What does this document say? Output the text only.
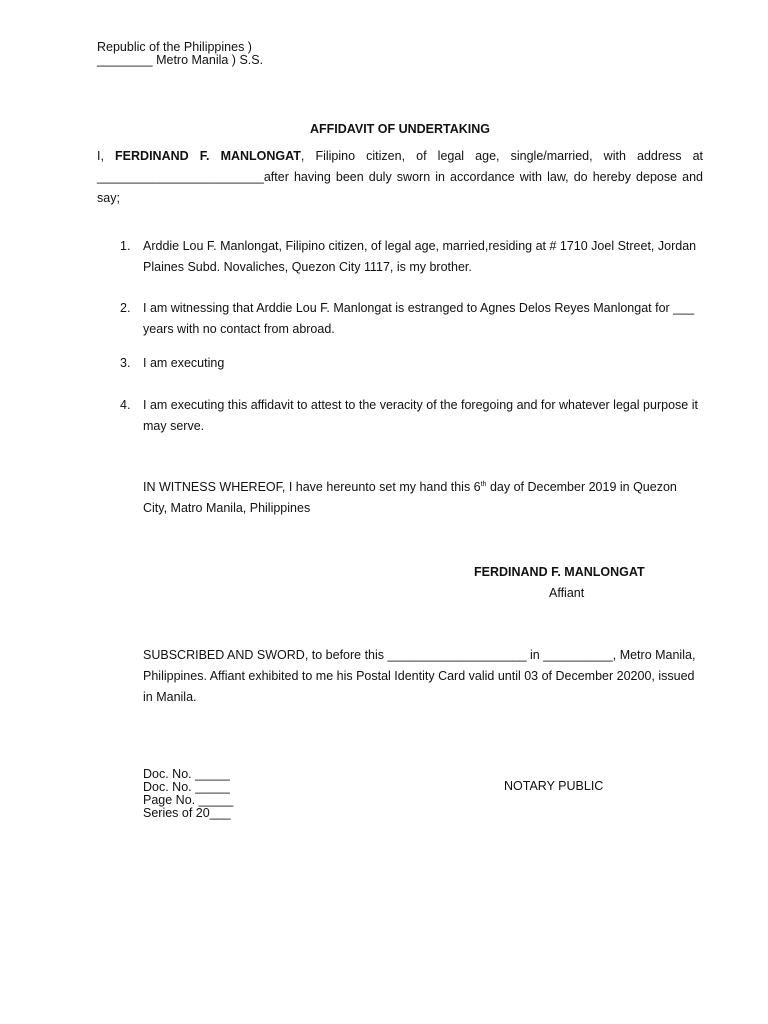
Republic of the Philippines )
________ Metro Manila ) S.S.
AFFIDAVIT OF UNDERTAKING
I, FERDINAND F. MANLONGAT, Filipino citizen, of legal age, single/married, with address at ________________________after having been duly sworn in accordance with law, do hereby depose and say;
1.	Arddie Lou F. Manlongat, Filipino citizen, of legal age, married,residing at # 1710 Joel Street, Jordan Plaines Subd. Novaliches, Quezon City 1117, is my brother.
2.	I am witnessing that Arddie Lou F. Manlongat is estranged to Agnes Delos Reyes Manlongat for ___ years with no contact from abroad.
3.	I am executing
4.	I am executing this affidavit to attest to the veracity of the foregoing and for whatever legal purpose it may serve.
IN WITNESS WHEREOF, I have hereunto set my hand this 6th day of December 2019 in Quezon City, Matro Manila, Philippines
FERDINAND F. MANLONGAT
Affiant
SUBSCRIBED AND SWORD, to before this ____________________ in __________, Metro Manila, Philippines. Affiant exhibited to me his Postal Identity Card valid until 03 of December 20200, issued in Manila.
Doc. No. _____
Doc. No. _____
Page No. _____
Series of 20___
NOTARY PUBLIC
